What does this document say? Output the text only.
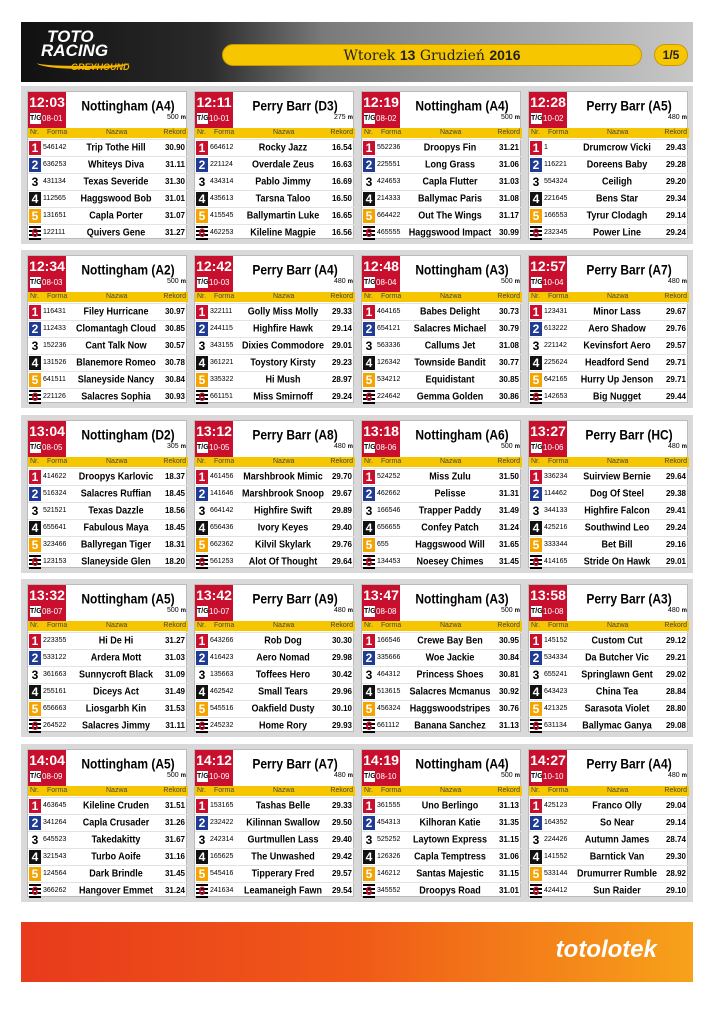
TOTO
RACING
GREYHOUND
Wtorek 13 Grudzień 2016	1/5
12:03
T/G 08-01
Nottingham (A4)
500 m
Nr. Forma	Nazwa	Rekord
1 546142	Trip Tothe Hill	30.90
2 636253	Whiteys Diva	31.11
3 431134	Texas Severide	31.30
4 112565	Haggswood Bob	31.01
5 131651	Capla Porter	31.07
6 122111	Quivers Gene	31.27
12:11
T/G 10-01
Perry Barr (D3)
275 m
Nr. Forma	Nazwa	Rekord
1 664612	Rocky Jazz	16.54
2 221124	Overdale Zeus	16.63
3 434314	Pablo Jimmy	16.69
4 435613	Tarsna Taloo	16.50
5 415545	Ballymartin Luke	16.65
6 462253	Kileline Magpie	16.56
12:19
T/G 08-02
Nottingham (A4)
500 m
Nr. Forma	Nazwa	Rekord
1 552236	Droopys Fin	31.21
2 225551	Long Grass	31.06
3 424653	Capla Flutter	31.03
4 214333	Ballymac Paris	31.08
5 664422	Out The Wings	31.17
6 465555 Haggswood Impact 30.99
12:28
T/G 10-02
Perry Barr (A5)
480 m
Nr. Forma	Nazwa	Rekord
1 1	Drumcrow Vicki	29.43
2 116221	Doreens Baby	29.28
3 554324	Ceiligh	29.20
4 221645	Bens Star	29.34
5 166553	Tyrur Clodagh	29.14
6 232345	Power Line	29.24
12:34
T/G 08-03
Nottingham (A2)
500 m
Nr. Forma	Nazwa	Rekord
1 116431	Filey Hurricane	30.97
2 112433	Clomantagh Cloud	30.85
3 152236	Cant Talk Now	30.57
4 131526	Blanemore Romeo	30.78
5 641511	Slaneyside Nancy	30.84
6 221126	Salacres Sophia	30.93
12:42
T/G 10-03
Perry Barr (A4)
480 m
Nr. Forma	Nazwa	Rekord
1 322111	Golly Miss Molly	29.33
2 244115	Highfire Hawk	29.14
3 343155 Dixies Commodore 29.01
4 361221	Toystory Kirsty	29.23
5 335322	Hi Mush	28.97
6 661151	Miss Smirnoff	29.24
12:48
T/G 08-04
Nottingham (A3)
500 m
Nr. Forma	Nazwa	Rekord
1 464165	Babes Delight	30.73
2 654121	Salacres Michael	30.79
3 563336	Callums Jet	31.08
4 126342	Townside Bandit	30.77
5 534212	Equidistant	30.85
6 224642	Gemma Golden	30.86
12:57
T/G 10-04
Perry Barr (A7)
480 m
Nr. Forma	Nazwa	Rekord
1 123431	Minor Lass	29.67
2 613222	Aero Shadow	29.76
3 221142	Kevinsfort Aero	29.57
4 225624	Headford Send	29.71
5 642165	Hurry Up Jenson	29.71
6 142653	Big Nugget	29.44
13:04
T/G 08-05
Nottingham (D2)
305 m
Nr. Forma	Nazwa	Rekord
1 414622	Droopys Karlovic	18.37
2 516324	Salacres Ruffian	18.45
3 521521	Texas Dazzle	18.56
4 655641	Fabulous Maya	18.45
5 323466	Ballyregan Tiger	18.31
6 123153	Slaneyside Glen	18.20
13:12
T/G 10-05
Perry Barr (A8)
480 m
Nr. Forma	Nazwa	Rekord
1 461456	Marshbrook Mimic	29.70
2 141646 Marshbrook Snoop 29.67
3 664142	Highfire Swift	29.89
4 656436	Ivory Keyes	29.40
5 662362	Kilvil Skylark	29.76
6 561253	Alot Of Thought	29.64
13:18
T/G 08-06
Nottingham (A6)
500 m
Nr. Forma	Nazwa	Rekord
1 524252	Miss Zulu	31.50
2 462662	Pelisse	31.31
3 166546	Trapper Paddy	31.49
4 656655	Confey Patch	31.24
5 655	Haggswood Will	31.65
6 134453	Noesey Chimes	31.45
13:27
T/G 10-06
Perry Barr (HC)
480 m
Nr. Forma	Nazwa	Rekord
1 336234	Suirview Bernie	29.64
2 114462	Dog Of Steel	29.38
3 344133	Highfire Falcon	29.41
4 425216	Southwind Leo	29.24
5 333344	Bet Bill	29.16
6 414165	Stride On Hawk	29.01
13:32
T/G 08-07
Nottingham (A5)
500 m
Nr. Forma	Nazwa	Rekord
1 223355	Hi De Hi	31.27
2 533122	Ardera Mott	31.03
3 361663	Sunnycroft Black	31.09
4 255161	Diceys Act	31.49
5 656663	Liosgarbh Kin	31.53
6 264522	Salacres Jimmy	31.11
13:42
T/G 10-07
Perry Barr (A9)
480 m
Nr. Forma	Nazwa	Rekord
1 643266	Rob Dog	30.30
2 416423	Aero Nomad	29.98
3 135663	Toffees Hero	30.42
4 462542	Small Tears	29.96
5 545516	Oakfield Dusty	30.10
6 245232	Home Rory	29.93
13:47
T/G 08-08
Nottingham (A3)
500 m
Nr. Forma	Nazwa	Rekord
1 166546	Crewe Bay Ben	30.95
2 335666	Woe Jackie	30.84
3 464312	Princess Shoes	30.81
4 513615	Salacres Mcmanus	30.92
5 456324	Haggswoodstripes	30.76
6 661112	Banana Sanchez	31.13
13:58
T/G 10-08
Perry Barr (A3)
480 m
Nr. Forma	Nazwa	Rekord
1 145152	Custom Cut	29.12
2 534334	Da Butcher Vic	29.21
3 655241	Springlawn Gent	29.02
4 643423	China Tea	28.84
5 421325	Sarasota Violet	28.80
6 631134	Ballymac Ganya	29.08
14:04
T/G 08-09
Nottingham (A5)
500 m
Nr. Forma	Nazwa	Rekord
1 463645	Kileline Cruden	31.51
2 341264	Capla Crusader	31.26
3 645523	Takedakitty	31.67
4 321543	Turbo Aoife	31.16
5 124564	Dark Brindle	31.45
6 366262	Hangover Emmet	31.24
14:12
T/G 10-09
Perry Barr (A7)
480 m
Nr. Forma	Nazwa	Rekord
1 153165	Tashas Belle	29.33
2 232422	Kilinnan Swallow	29.50
3 242314	Gurtmullen Lass	29.40
4 165625	The Unwashed	29.42
5 545416	Tipperary Fred	29.57
6 241634	Leamaneigh Fawn	29.54
14:19
T/G 08-10
Nottingham (A4)
500 m
Nr. Forma	Nazwa	Rekord
1 361555	Uno Berlingo	31.13
2 454313	Kilhoran Katie	31.35
3 525252	Laytown Express	31.15
4 126326	Capla Temptress	31.06
5 146212	Santas Majestic	31.15
6 345552	Droopys Road	31.01
14:27
T/G 10-10
Perry Barr (A4)
480 m
Nr. Forma	Nazwa	Rekord
1 425123	Franco Olly	29.04
2 164352	So Near	29.14
3 224426	Autumn James	28.74
4 141552	Barntick Van	29.30
5 533144	Drumurrer Rumble	28.92
6 424412	Sun Raider	29.10
totolotek
